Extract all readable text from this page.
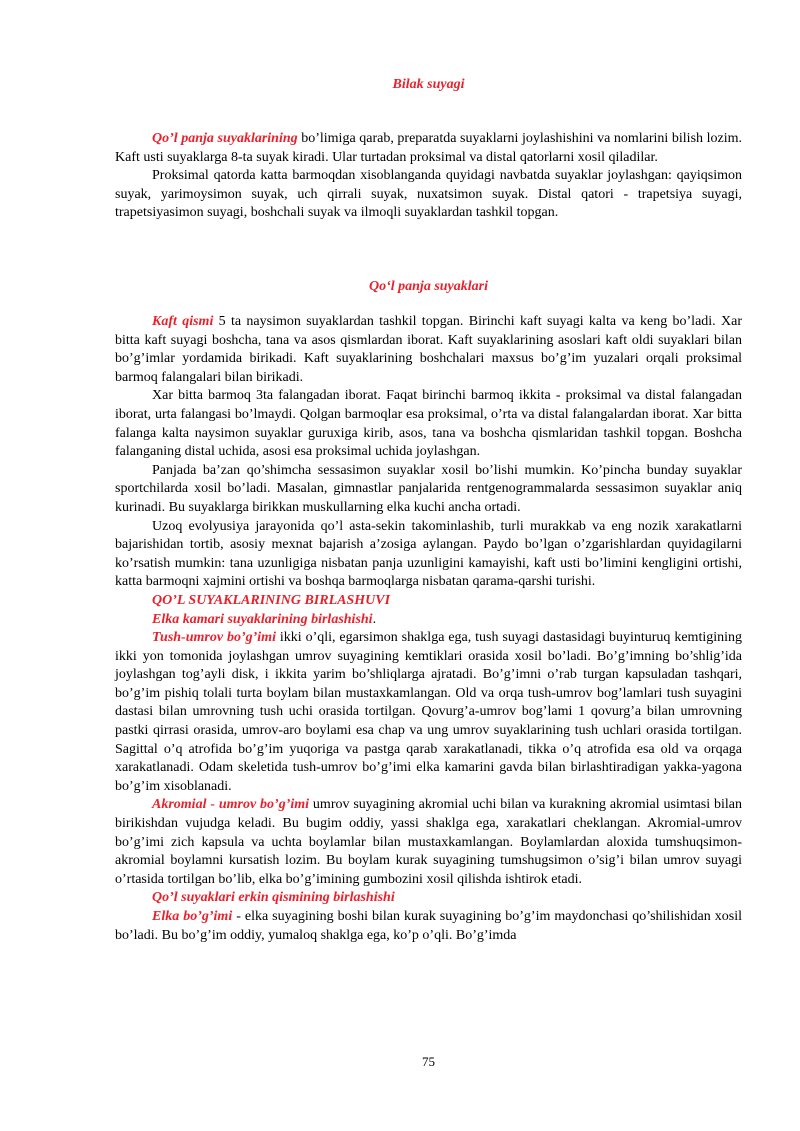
Bilak suyagi

Qo’l panja suyaklarining bo’limiga qarab, preparatda suyaklarni joylashishini va nomlarini bilish lozim. Kaft usti suyaklarga 8-ta suyak kiradi. Ular turtadan proksimal va distal qatorlarni xosil qiladilar.

Proksimal qatorda katta barmoqdan xisoblanganda quyidagi navbatda suyaklar joylashgan: qayiqsimon suyak, yarimoysimon suyak, uch qirrali suyak, nuxatsimon suyak. Distal qatori - trapetsiya suyagi, trapetsiyasimon suyagi, boshchali suyak va ilmoqli suyaklardan tashkil topgan.

Qo‘l panja suyaklari

Kaft qismi 5 ta naysimon suyaklardan tashkil topgan. Birinchi kaft suyagi kalta va keng bo’ladi. Xar bitta kaft suyagi boshcha, tana va asos qismlardan iborat. Kaft suyaklarining asoslari kaft oldi suyaklari bilan bo’g’imlar yordamida birikadi. Kaft suyaklarining boshchalari maxsus bo’g’im yuzalari orqali proksimal barmoq falangalari bilan birikadi.

Xar bitta barmoq 3ta falangadan iborat. Faqat birinchi barmoq ikkita - proksimal va distal falangadan iborat, urta falangasi bo’lmaydi. Qolgan barmoqlar esa proksimal, o’rta va distal falangalardan iborat. Xar bitta falanga kalta naysimon suyaklar guruxiga kirib, asos, tana va boshcha qismlaridan tashkil topgan. Boshcha falanganing distal uchida, asosi esa proksimal uchida joylashgan.

Panjada ba’zan qo’shimcha sessasimon suyaklar xosil bo’lishi mumkin. Ko’pincha bunday suyaklar sportchilarda xosil bo’ladi. Masalan, gimnastlar panjalarida rentgenogrammalarda sessasimon suyaklar aniq kurinadi. Bu suyaklarga birikkan muskullarning elka kuchi ancha ortadi.

Uzoq evolyusiya jarayonida qo’l asta-sekin takominlashib, turli murakkab va eng nozik xarakatlarni bajarishidan tortib, asosiy mexnat bajarish a’zosiga aylangan. Paydo bo’lgan o’zgarishlardan quyidagilarni ko’rsatish mumkin: tana uzunligiga nisbatan panja uzunligini kamayishi, kaft usti bo’limini kengligini ortishi, katta barmoqni xajmini ortishi va boshqa barmoqlarga nisbatan qarama-qarshi turishi.

QO’L SUYAKLARINING BIRLASHUVI

Elka kamari suyaklarining birlashishi.

Tush-umrov bo’g’imi ikki o’qli, egarsimon shaklga ega, tush suyagi dastasidagi buyinturuq kemtigining ikki yon tomonida joylashgan umrov suyagining kemtiklari orasida xosil bo’ladi. Bo’g’imning bo’shlig’ida joylashgan tog’ayli disk, i ikkita yarim bo’shliqlarga ajratadi. Bo’g’imni o’rab turgan kapsuladan tashqari, bo’g’im pishiq tolali turta boylam bilan mustaxkamlangan. Old va orqa tush-umrov bog’lamlari tush suyagini dastasi bilan umrovning tush uchi orasida tortilgan. Qovurg’a-umrov bog’lami 1 qovurg’a bilan umrovning pastki qirrasi orasida, umrov-aro boylami esa chap va ung umrov suyaklarining tush uchlari orasida tortilgan. Sagittal o’q atrofida bo’g’im yuqoriga va pastga qarab xarakatlanadi, tikka o’q atrofida esa old va orqaga xarakatlanadi. Odam skeletida tush-umrov bo’g’imi elka kamarini gavda bilan birlashtiradigan yakka-yagona bo’g’im xisoblanadi.

Akromial - umrov bo’g’imi umrov suyagining akromial uchi bilan va kurakning akromial usimtasi bilan birikishdan vujudga keladi. Bu bugim oddiy, yassi shaklga ega, xarakatlari cheklangan. Akromial-umrov bo’g’imi zich kapsula va uchta boylamlar bilan mustaxkamlangan. Boylamlardan aloxida tumshuqsimon-akromial boylamni kursatish lozim. Bu boylam kurak suyagining tumshugsimon o’sig’i bilan umrov suyagi o’rtasida tortilgan bo’lib, elka bo’g’imining gumbozini xosil qilishda ishtirok etadi.

Qo’l suyaklari erkin qismining birlashishi

Elka bo’g’imi - elka suyagining boshi bilan kurak suyagining bo’g’im maydonchasi qo’shilishidan xosil bo’ladi. Bu bo’g’im oddiy, yumaloq shaklga ega, ko’p o’qli. Bo’g’imda

75
